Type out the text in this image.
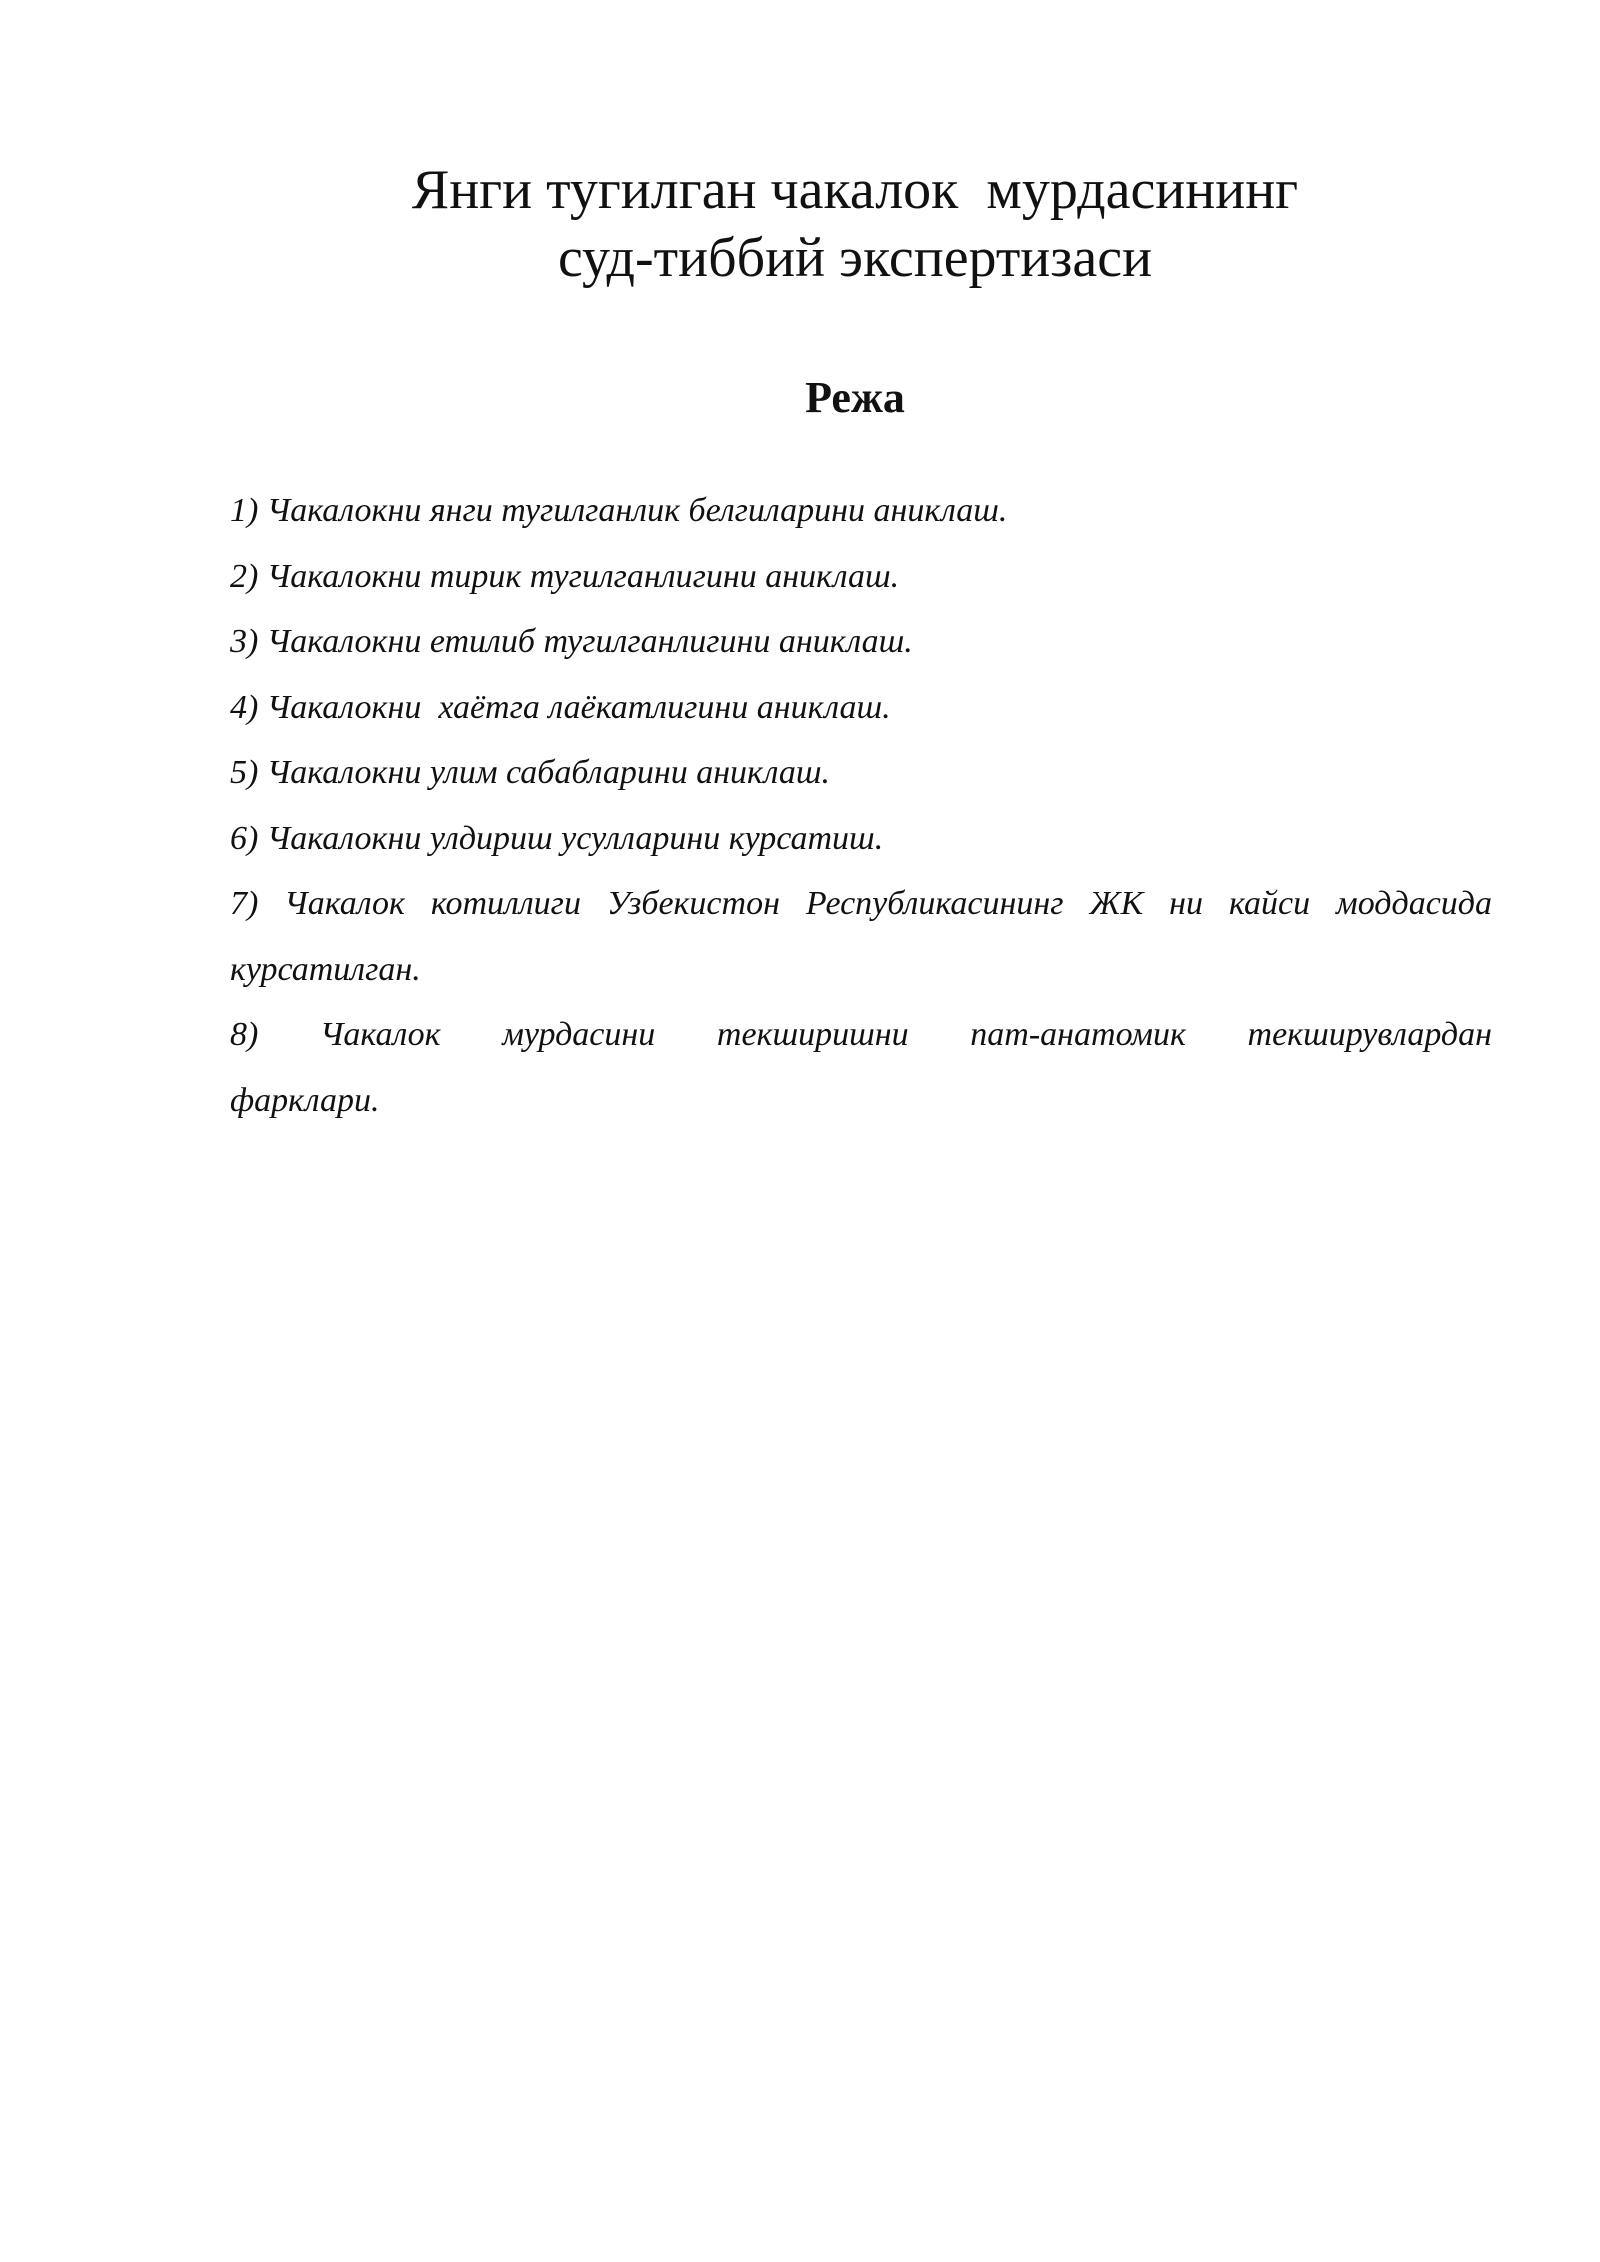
Янги тугилган чакалок  мурдасининг
суд-тиббий экспертизаси
Режа
1) Чакалокни янги тугилганлик белгиларини аниклаш.
2) Чакалокни тирик тугилганлигини аниклаш.
3) Чакалокни етилиб тугилганлигини аниклаш.
4) Чакалокни  хаётга лаёкатлигини аниклаш.
5) Чакалокни улим сабабларини аниклаш.
6) Чакалокни улдириш усулларини курсатиш.
7) Чакалок котиллиги Узбекистон Республикасининг ЖК ни кайси моддасида
курсатилган.
8) Чакалок мурдасини текширишни пат-анатомик текширувлардан
фарклари.
